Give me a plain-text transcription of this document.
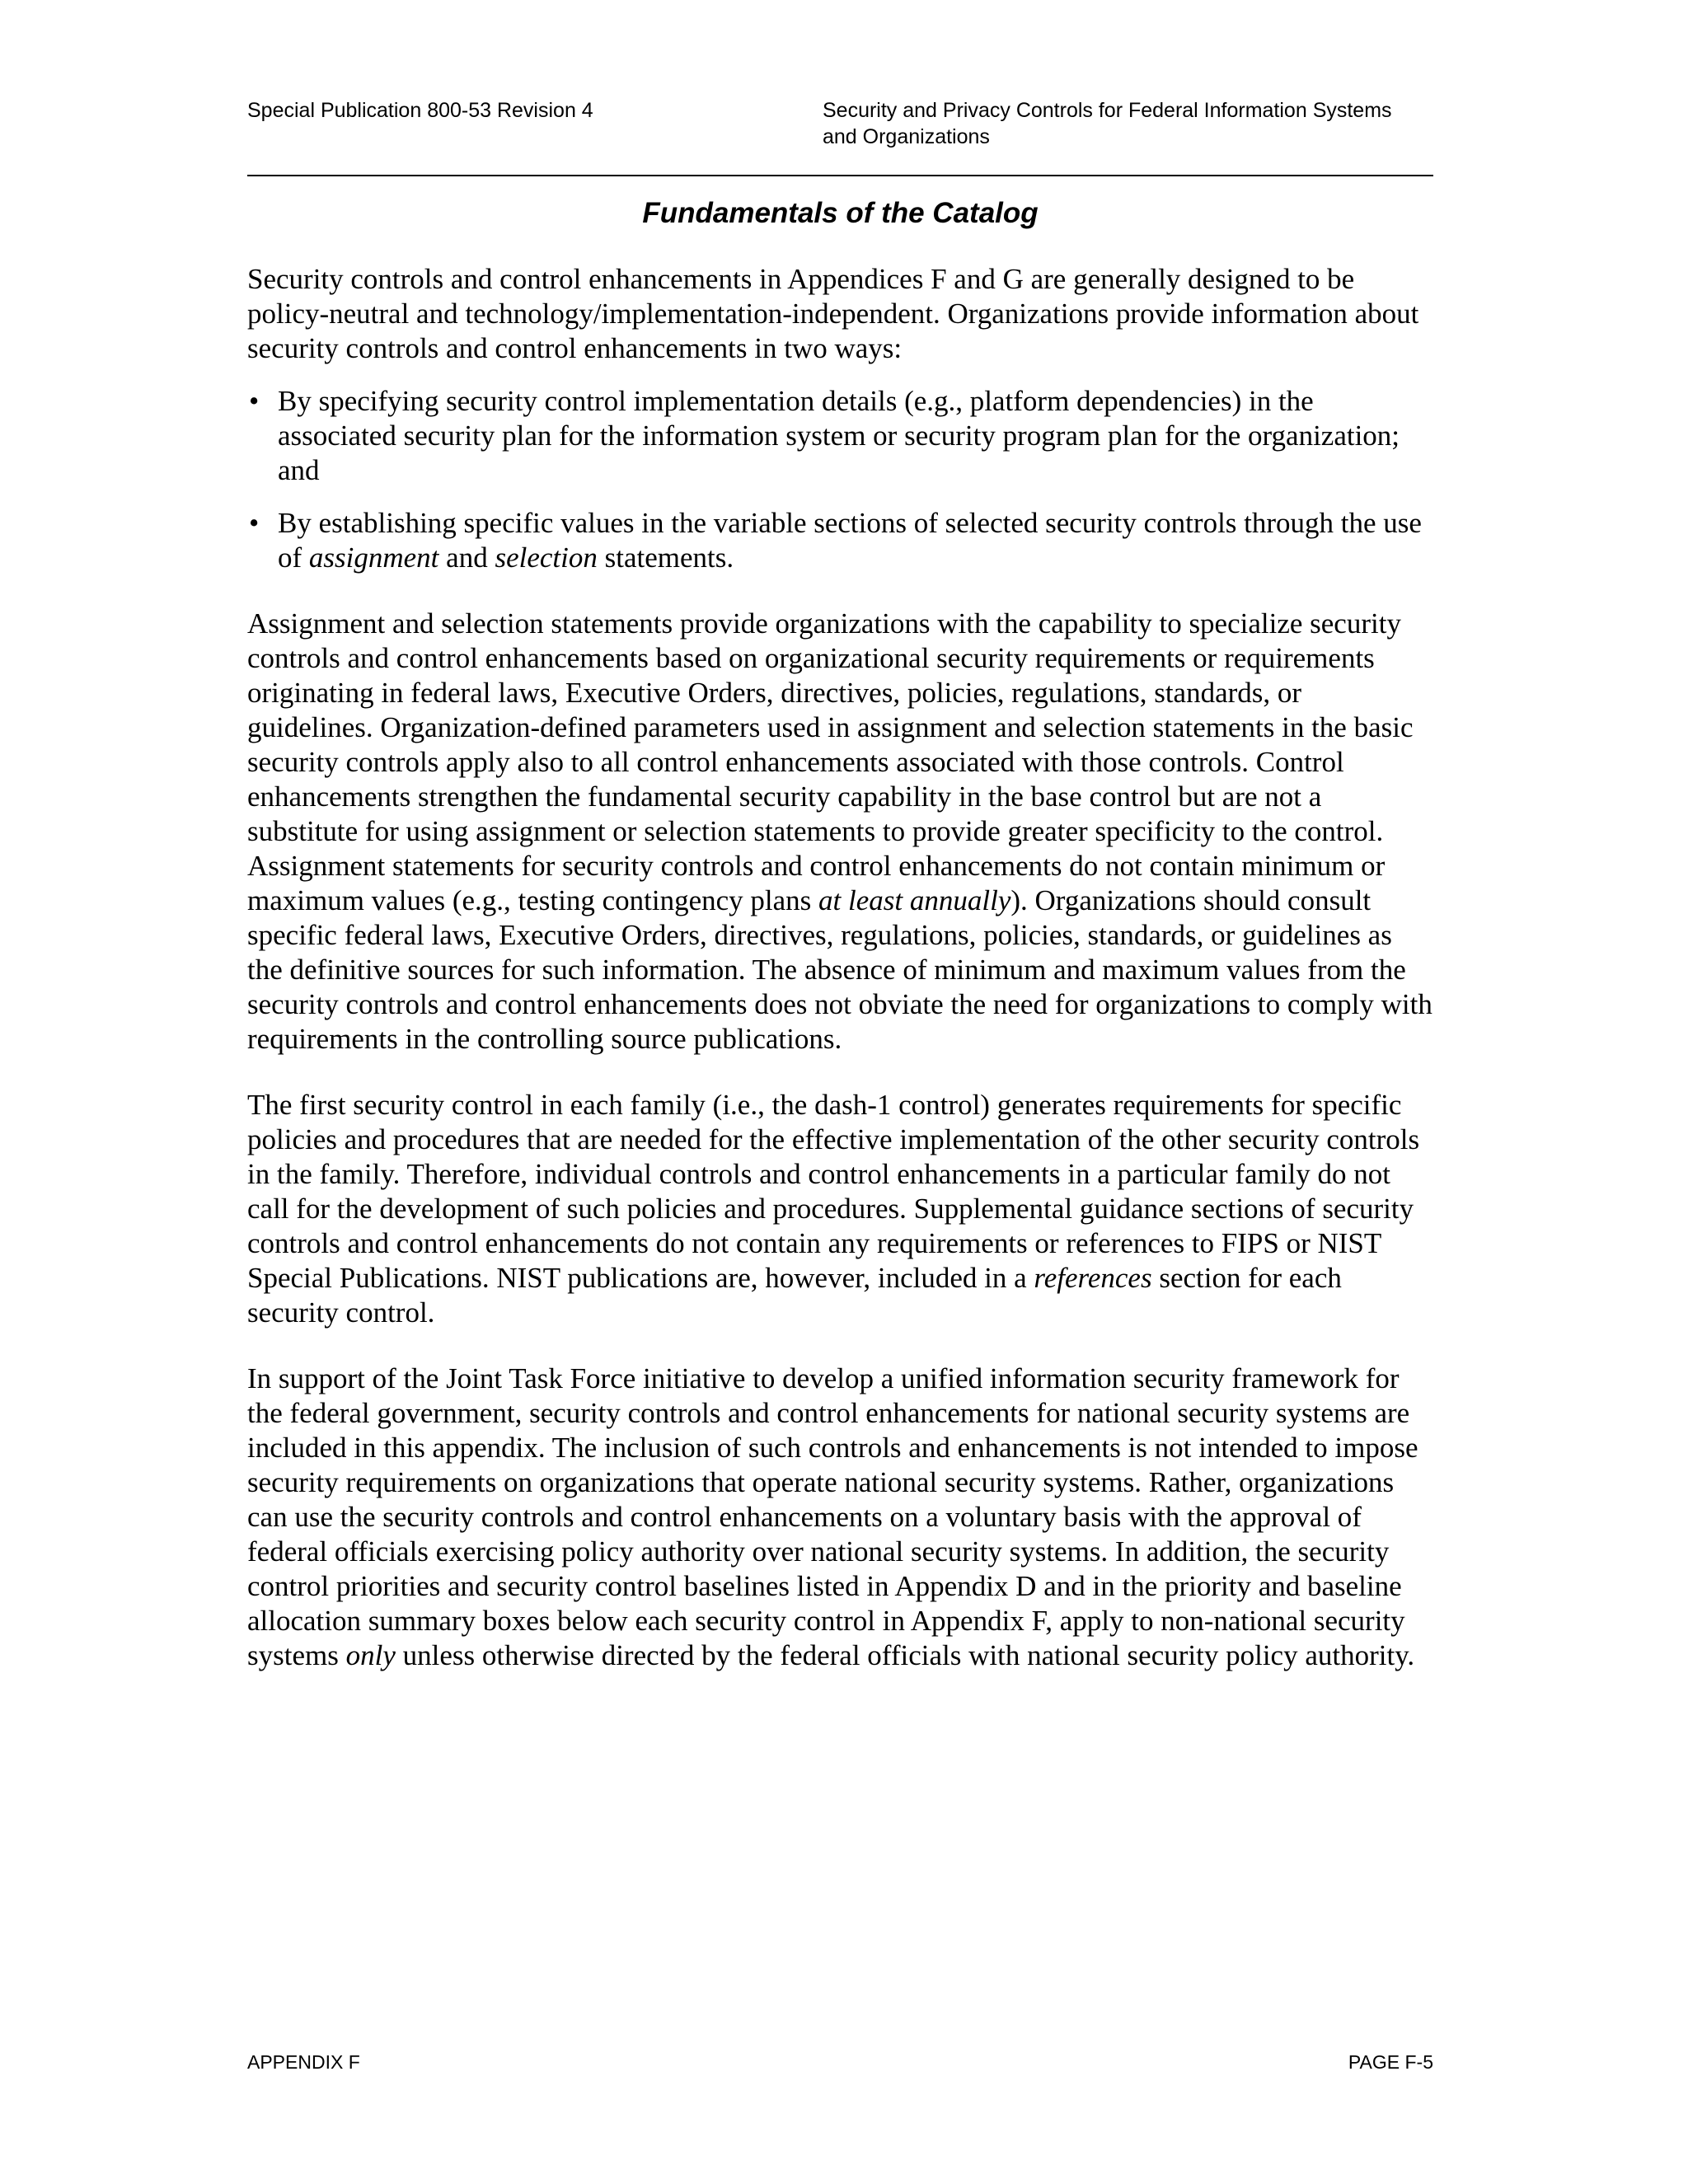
Special Publication 800-53 Revision 4	Security and Privacy Controls for Federal Information Systems
and Organizations
Fundamentals of the Catalog

Security controls and control enhancements in Appendices F and G are generally designed to be policy-neutral and technology/implementation-independent. Organizations provide information about security controls and control enhancements in two ways:

• By specifying security control implementation details (e.g., platform dependencies) in the associated security plan for the information system or security program plan for the organization; and
• By establishing specific values in the variable sections of selected security controls through the use of assignment and selection statements.

Assignment and selection statements provide organizations with the capability to specialize security controls and control enhancements based on organizational security requirements or requirements originating in federal laws, Executive Orders, directives, policies, regulations, standards, or guidelines. Organization-defined parameters used in assignment and selection statements in the basic security controls apply also to all control enhancements associated with those controls. Control enhancements strengthen the fundamental security capability in the base control but are not a substitute for using assignment or selection statements to provide greater specificity to the control. Assignment statements for security controls and control enhancements do not contain minimum or maximum values (e.g., testing contingency plans at least annually). Organizations should consult specific federal laws, Executive Orders, directives, regulations, policies, standards, or guidelines as the definitive sources for such information. The absence of minimum and maximum values from the security controls and control enhancements does not obviate the need for organizations to comply with requirements in the controlling source publications.

The first security control in each family (i.e., the dash-1 control) generates requirements for specific policies and procedures that are needed for the effective implementation of the other security controls in the family. Therefore, individual controls and control enhancements in a particular family do not call for the development of such policies and procedures. Supplemental guidance sections of security controls and control enhancements do not contain any requirements or references to FIPS or NIST Special Publications. NIST publications are, however, included in a references section for each security control.

In support of the Joint Task Force initiative to develop a unified information security framework for the federal government, security controls and control enhancements for national security systems are included in this appendix. The inclusion of such controls and enhancements is not intended to impose security requirements on organizations that operate national security systems. Rather, organizations can use the security controls and control enhancements on a voluntary basis with the approval of federal officials exercising policy authority over national security systems. In addition, the security control priorities and security control baselines listed in Appendix D and in the priority and baseline allocation summary boxes below each security control in Appendix F, apply to non-national security systems only unless otherwise directed by the federal officials with national security policy authority.

APPENDIX F	PAGE F-5
